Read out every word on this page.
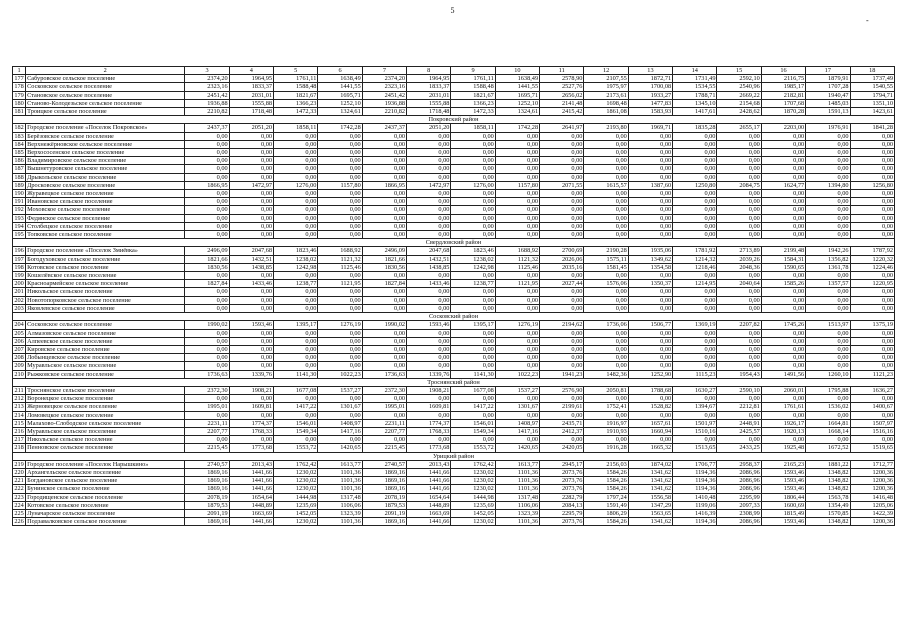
5
-
1	2	3	4	5	6	7	8	9	10	11	12	13	14	15	16	17	18
177	Сабуровское сельское поселение	2374,20	1964,95	1761,11	1638,49	2374,20	1964,95	1761,11	1638,49	2578,90	2107,55	1872,71	1731,49	2592,10	2116,75	1879,91	1737,49
178	Сосковское сельское поселение	2323,16	1833,37	1588,48	1441,55	2323,16	1833,37	1588,48	1441,55	2527,76	1975,97	1700,08	1534,55	2540,96	1985,17	1707,28	1540,55
179	Становское сельское поселение	2451,42	2031,01	1821,67	1695,71	2451,42	2031,01	1821,67	1695,71	2656,02	2173,61	1933,27	1788,71	2669,22	2182,81	1940,47	1794,71
180	Станово-Колодезьское сельское поселение	1936,88	1555,88	1366,23	1252,10	1936,88	1555,88	1366,23	1252,10	2141,48	1698,48	1477,83	1345,10	2154,68	1707,68	1485,03	1351,10
181	Троицкое сельское поселение	2210,82	1718,48	1472,33	1324,61	2210,82	1718,48	1472,33	1324,61	2415,42	1861,08	1583,93	1417,61	2428,62	1870,28	1591,13	1423,61
Покровский район																	
182	Городское поселение «Поселок Покровское»	2437,37	2051,20	1858,11	1742,28	2437,37	2051,20	1858,11	1742,28	2641,97	2193,80	1969,71	1835,28	2655,17	2203,00	1976,91	1841,28
183	Берёзовское сельское поселение	0,00	0,00	0,00	0,00	0,00	0,00	0,00	0,00	0,00	0,00	0,00	0,00	0,00	0,00	0,00	0,00
184	Верхнежёрновское сельское поселение	0,00	0,00	0,00	0,00	0,00	0,00	0,00	0,00	0,00	0,00	0,00	0,00	0,00	0,00	0,00	0,00
185	Верхососенское сельское поселение	0,00	0,00	0,00	0,00	0,00	0,00	0,00	0,00	0,00	0,00	0,00	0,00	0,00	0,00	0,00	0,00
186	Владимировское сельское поселение	0,00	0,00	0,00	0,00	0,00	0,00	0,00	0,00	0,00	0,00	0,00	0,00	0,00	0,00	0,00	0,00
187	Вышнетуровское сельское поселение	0,00	0,00	0,00	0,00	0,00	0,00	0,00	0,00	0,00	0,00	0,00	0,00	0,00	0,00	0,00	0,00
188	Дрыкольское сельское поселение	0,00	0,00	0,00	0,00	0,00	0,00	0,00	0,00	0,00	0,00	0,00	0,00	0,00	0,00	0,00	0,00
189	Дросковское сельское поселение	1866,95	1472,97	1276,00	1157,80	1866,95	1472,97	1276,00	1157,80	2071,55	1615,57	1387,60	1250,80	2084,75	1624,77	1394,80	1256,80
190	Журавецкое сельское поселение	0,00	0,00	0,00	0,00	0,00	0,00	0,00	0,00	0,00	0,00	0,00	0,00	0,00	0,00	0,00	0,00
191	Ивановское сельское поселение	0,00	0,00	0,00	0,00	0,00	0,00	0,00	0,00	0,00	0,00	0,00	0,00	0,00	0,00	0,00	0,00
192	Моховское сельское поселение	0,00	0,00	0,00	0,00	0,00	0,00	0,00	0,00	0,00	0,00	0,00	0,00	0,00	0,00	0,00	0,00
193	Федянское сельское поселение	0,00	0,00	0,00	0,00	0,00	0,00	0,00	0,00	0,00	0,00	0,00	0,00	0,00	0,00	0,00	0,00
194	Столбецкое сельское поселение	0,00	0,00	0,00	0,00	0,00	0,00	0,00	0,00	0,00	0,00	0,00	0,00	0,00	0,00	0,00	0,00
195	Топковское сельское поселение	0,00	0,00	0,00	0,00	0,00	0,00	0,00	0,00	0,00	0,00	0,00	0,00	0,00	0,00	0,00	0,00
Свердловский район																	
196	Городское поселение «Поселок Змиёвка»	2496,09	2047,68	1823,46	1688,92	2496,09	2047,68	1823,46	1688,92	2700,69	2190,28	1935,06	1781,92	2713,89	2199,48	1942,26	1787,92
197	Богодуховское сельское поселение	1821,66	1432,51	1238,02	1121,32	1821,66	1432,51	1238,02	1121,32	2026,06	1575,11	1349,62	1214,32	2039,26	1584,31	1356,82	1220,32
198	Котовское сельское поселение	1830,56	1438,85	1242,98	1125,46	1830,56	1438,85	1242,98	1125,46	2035,16	1581,45	1354,58	1218,46	2048,36	1590,65	1361,78	1224,46
199	Кошелёвское сельское поселение	0,00	0,00	0,00	0,00	0,00	0,00	0,00	0,00	0,00	0,00	0,00	0,00	0,00	0,00	0,00	0,00
200	Красноармейское сельское поселение	1827,84	1433,46	1238,77	1121,95	1827,84	1433,46	1238,77	1121,95	2027,44	1576,06	1350,37	1214,95	2040,64	1585,26	1357,57	1220,95
201	Никольское сельское поселение	0,00	0,00	0,00	0,00	0,00	0,00	0,00	0,00	0,00	0,00	0,00	0,00	0,00	0,00	0,00	0,00
202	Новотопорковское сельское поселение	0,00	0,00	0,00	0,00	0,00	0,00	0,00	0,00	0,00	0,00	0,00	0,00	0,00	0,00	0,00	0,00
203	Яковлевское сельское поселение	0,00	0,00	0,00	0,00	0,00	0,00	0,00	0,00	0,00	0,00	0,00	0,00	0,00	0,00	0,00	0,00
Сосковский район																	
204	Сосковское сельское поселение	1990,02	1593,46	1395,17	1276,19	1990,02	1593,46	1395,17	1276,19	2194,62	1736,06	1506,77	1369,19	2207,82	1745,26	1513,97	1375,19
205	Алмазовское сельское поселение	0,00	0,00	0,00	0,00	0,00	0,00	0,00	0,00	0,00	0,00	0,00	0,00	0,00	0,00	0,00	0,00
206	Алпеевское сельское поселение	0,00	0,00	0,00	0,00	0,00	0,00	0,00	0,00	0,00	0,00	0,00	0,00	0,00	0,00	0,00	0,00
207	Кировское сельское поселение	0,00	0,00	0,00	0,00	0,00	0,00	0,00	0,00	0,00	0,00	0,00	0,00	0,00	0,00	0,00	0,00
208	Лобынцевское сельское поселение	0,00	0,00	0,00	0,00	0,00	0,00	0,00	0,00	0,00	0,00	0,00	0,00	0,00	0,00	0,00	0,00
209	Муравльское сельское поселение	0,00	0,00	0,00	0,00	0,00	0,00	0,00	0,00	0,00	0,00	0,00	0,00	0,00	0,00	0,00	0,00
210	Рыжковское сельское поселение	1736,63	1339,76	1141,30	1022,23	1736,63	1339,76	1141,30	1022,23	1941,23	1482,36	1252,90	1115,23	1954,43	1491,56	1260,10	1121,23
Троснянский район																	
211	Троснянское сельское поселение	2372,30	1908,21	1677,08	1537,27	2372,30	1908,21	1677,08	1537,27	2576,90	2050,81	1788,68	1630,27	2590,10	2060,01	1795,88	1636,27
212	Воронецкое сельское поселение	0,00	0,00	0,00	0,00	0,00	0,00	0,00	0,00	0,00	0,00	0,00	0,00	0,00	0,00	0,00	0,00
213	Жерновецкое сельское поселение	1995,01	1609,81	1417,22	1301,67	1995,01	1609,81	1417,22	1301,67	2199,61	1752,41	1528,82	1394,67	2212,81	1761,61	1536,02	1400,67
214	Ломовецкое сельское поселение	0,00	0,00	0,00	0,00	0,00	0,00	0,00	0,00	0,00	0,00	0,00	0,00	0,00	0,00	0,00	0,00
215	Малахово-Слободское сельское поселение	2231,11	1774,37	1546,01	1408,97	2231,11	1774,37	1546,01	1408,97	2435,71	1916,97	1657,61	1501,97	2448,91	1926,17	1664,81	1507,97
216	Муравльское сельское поселение	2207,77	1768,33	1549,34	1417,16	2207,77	1768,33	1549,34	1417,16	2412,37	1910,93	1660,94	1510,16	2425,57	1920,13	1668,14	1516,16
217	Никольское сельское поселение	0,00	0,00	0,00	0,00	0,00	0,00	0,00	0,00	0,00	0,00	0,00	0,00	0,00	0,00	0,00	0,00
218	Пенновское сельское поселение	2215,45	1773,68	1553,72	1420,65	2215,45	1773,68	1553,72	1420,65	2420,05	1916,28	1665,32	1513,65	2433,25	1925,48	1672,52	1519,65
Урицкий район																	
219	Городское поселение «Поселок Нарышкино»	2740,57	2013,43	1762,42	1613,77	2740,57	2013,43	1762,42	1613,77	2945,17	2156,03	1874,02	1706,77	2958,37	2165,23	1881,22	1712,77
220	Архангельское сельское поселение	1869,16	1441,66	1230,02	1101,36	1869,16	1441,66	1230,02	1101,36	2073,76	1584,26	1341,62	1194,36	2086,96	1593,46	1348,82	1200,36
221	Богдановское сельское поселение	1869,16	1441,66	1230,02	1101,36	1869,16	1441,66	1230,02	1101,36	2073,76	1584,26	1341,62	1194,36	2086,96	1593,46	1348,82	1200,36
222	Бунинское сельское поселение	1869,16	1441,66	1230,02	1101,36	1869,16	1441,66	1230,02	1101,36	2073,76	1584,26	1341,62	1194,36	2086,96	1593,46	1348,82	1200,36
223	Городищенское сельское поселение	2078,19	1654,64	1444,98	1317,48	2078,19	1654,64	1444,98	1317,48	2282,79	1797,24	1556,58	1410,48	2295,99	1806,44	1563,78	1416,48
224	Котовское сельское поселение	1879,53	1448,89	1235,69	1106,06	1879,53	1448,89	1235,69	1106,06	2084,13	1591,49	1347,29	1199,06	2097,33	1600,69	1354,49	1205,06
225	Луначарское сельское поселение	2091,19	1663,69	1452,05	1323,39	2091,19	1663,69	1452,05	1323,39	2295,79	1806,29	1563,65	1416,39	2308,99	1815,49	1570,85	1422,39
226	Подзавалковское сельское поселение	1869,16	1441,66	1230,02	1101,36	1869,16	1441,66	1230,02	1101,36	2073,76	1584,26	1341,62	1194,36	2086,96	1593,46	1348,82	1200,36
